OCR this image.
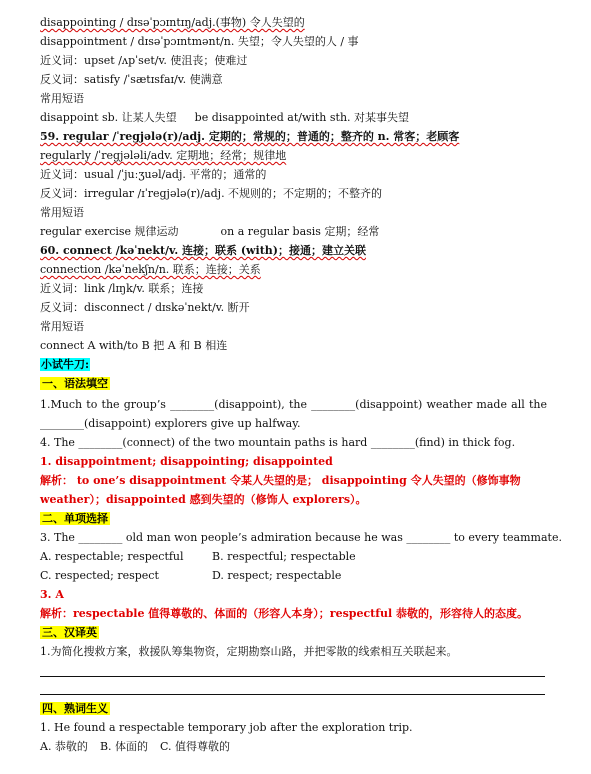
disappointing / dɪsəˈpɔɪntɪŋ/adj.(事物) 令人失望的
disappointment / dɪsəˈpɔɪntmənt/n. 失望；令人失望的人 / 事
近义词：upset /ʌpˈset/v. 使沮丧；使难过
反义词：satisfy /ˈsætɪsfaɪ/v. 使满意
常用短语
disappoint sb. 让某人失望 be disappointed at/with sth. 对某事失望
59. regular /ˈregjələ(r)/adj. 定期的；常规的；普通的；整齐的 n. 常客；老顾客
regularly /ˈregjələli/adv. 定期地；经常；规律地
近义词：usual /ˈjuːʒuəl/adj. 平常的；通常的
反义词：irregular /ɪˈregjələ(r)/adj. 不规则的；不定期的；不整齐的
常用短语
regular exercise 规律运动	on a regular basis 定期；经常
60. connect /kəˈnekt/v. 连接；联系 (with)；接通；建立关联
connection /kəˈnekʃn/n. 联系；连接；关系
近义词：link /lɪŋk/v. 联系；连接
反义词：disconnect / dɪskəˈnekt/v. 断开
常用短语
connect A with/to B 把 A 和 B 相连
小试牛刀:
一、语法填空
1.Much to the group’s ________(disappoint), the ________(disappoint) weather made all the
________(disappoint) explorers give up halfway.
4. The ________(connect) of the two mountain paths is hard ________(find) in thick fog.
1. disappointment; disappointing; disappointed
解析： to one’s disappointment 令某人失望的是； disappointing 令人失望的（修饰事物
weather）；disappointed 感到失望的（修饰人 explorers）。
二、单项选择
3. The ________ old man won people’s admiration because he was ________ to every teammate.
A. respectable; respectful	B. respectful; respectable
C. respected; respect	D. respect; respectable
3. A
解析：respectable 值得尊敬的、体面的（形容人本身）；respectful 恭敬的，形容待人的态度。
三、汉译英
1.为简化搜救方案，救援队筹集物资，定期勘察山路，并把零散的线索相互关联起来。
四、熟词生义
1. He found a respectable temporary job after the exploration trip.
A. 恭敬的 B. 体面的 C. 值得尊敬的
